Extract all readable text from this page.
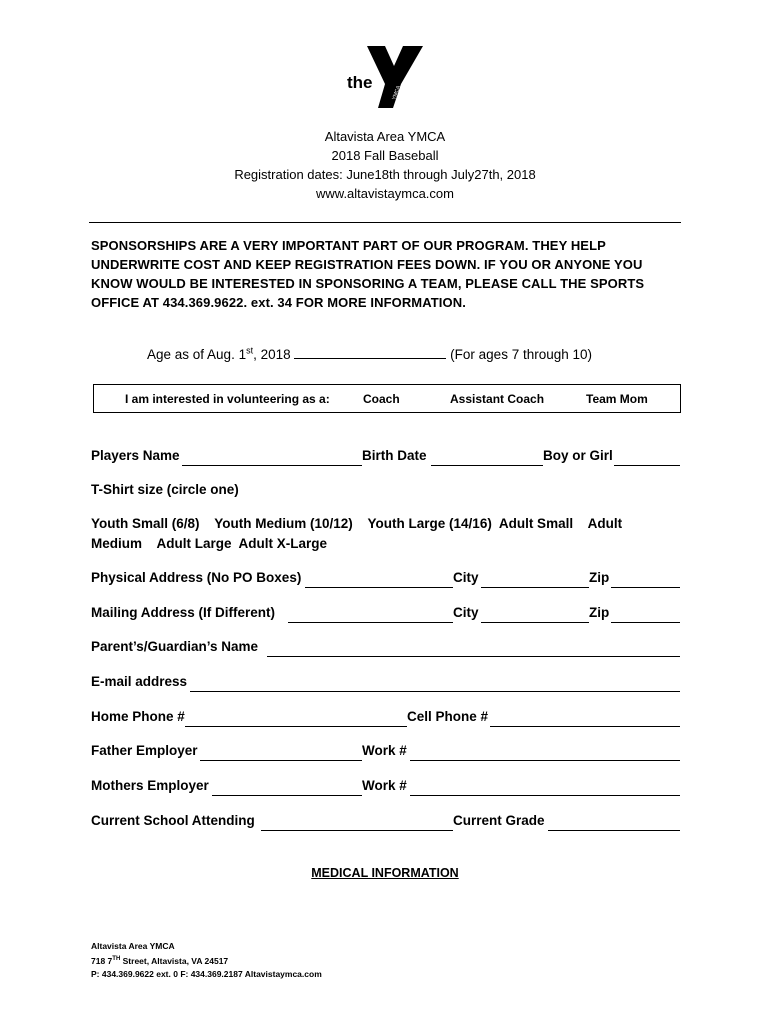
the
YMCA
Altavista Area YMCA
2018 Fall Baseball
Registration dates: June18th through July27th, 2018
www.altavistaymca.com
SPONSORSHIPS ARE A VERY IMPORTANT PART OF OUR PROGRAM. THEY HELP UNDERWRITE COST AND KEEP REGISTRATION FEES DOWN. IF YOU OR ANYONE YOU KNOW WOULD BE INTERESTED IN SPONSORING A TEAM, PLEASE CALL THE SPORTS OFFICE AT 434.369.9622. ext. 34 FOR MORE INFORMATION.
Age as of Aug. 1st, 2018	(For ages 7 through 10)
I am interested in volunteering as a:	Coach	Assistant Coach	Team Mom
Players Name	Birth Date	Boy or Girl
T-Shirt size (circle one)
Youth Small (6/8)    Youth Medium (10/12)    Youth Large (14/16)  Adult Small    Adult
Medium    Adult Large  Adult X-Large
Physical Address (No PO Boxes)	City	Zip
Mailing Address (If Different)	City	Zip
Parent’s/Guardian’s Name
E-mail address
Home Phone #	Cell Phone #
Father Employer	Work #
Mothers Employer	Work #
Current School Attending	Current Grade
MEDICAL INFORMATION
Altavista Area YMCA
718 7TH Street, Altavista, VA 24517
P: 434.369.9622 ext. 0 F: 434.369.2187 Altavistaymca.com
